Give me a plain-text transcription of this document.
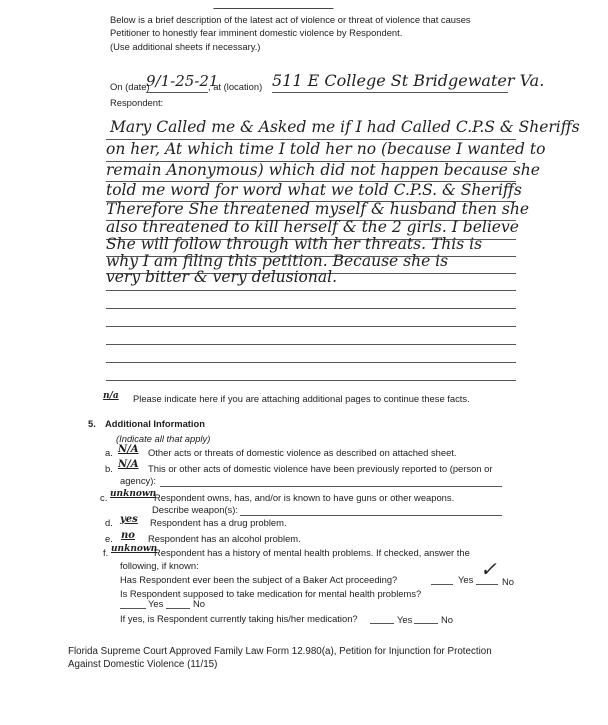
Below is a brief description of the latest act of violence or threat of violence that causes
Petitioner to honestly fear imminent domestic violence by Respondent.
(Use additional sheets if necessary.)
On (date)
9/1-25-21
, at (location) 511 E College St Bridgewater Va.
Respondent:
Mary Called me & Asked me if I had Called C.P.S & Sheriffs
on her, At which time I told her no (because I wanted to
remain Anonymous) which did not happen because she
told me word for word what we told C.P.S. & Sheriffs
Therefore She threatened myself & husband then she
also threatened to kill herself & the 2 girls. I believe
She will follow through with her threats. This is
why I am filing this petition. Because she is
very bitter & very delusional.
n/a Please indicate here if you are attaching additional pages to continue these facts.
5. Additional Information
(Indicate all that apply)
a. N/A Other acts or threats of domestic violence as described on attached sheet.
b. N/A This or other acts of domestic violence have been previously reported to (person or
agency):
c. unknown
Respondent owns, has, and/or is known to have guns or other weapons.
Describe weapon(s):
d. yes Respondent has a drug problem.
e. no Respondent has an alcohol problem.
f. unknown
Respondent has a history of mental health problems. If checked, answer the
following, if known:
Has Respondent ever been the subject of a Baker Act proceeding?	Yes ✓
No
Is Respondent supposed to take medication for mental health problems?
Yes	No
If yes, is Respondent currently taking his/her medication?	Yes	No
Florida Supreme Court Approved Family Law Form 12.980(a), Petition for Injunction for Protection
Against Domestic Violence (11/15)
